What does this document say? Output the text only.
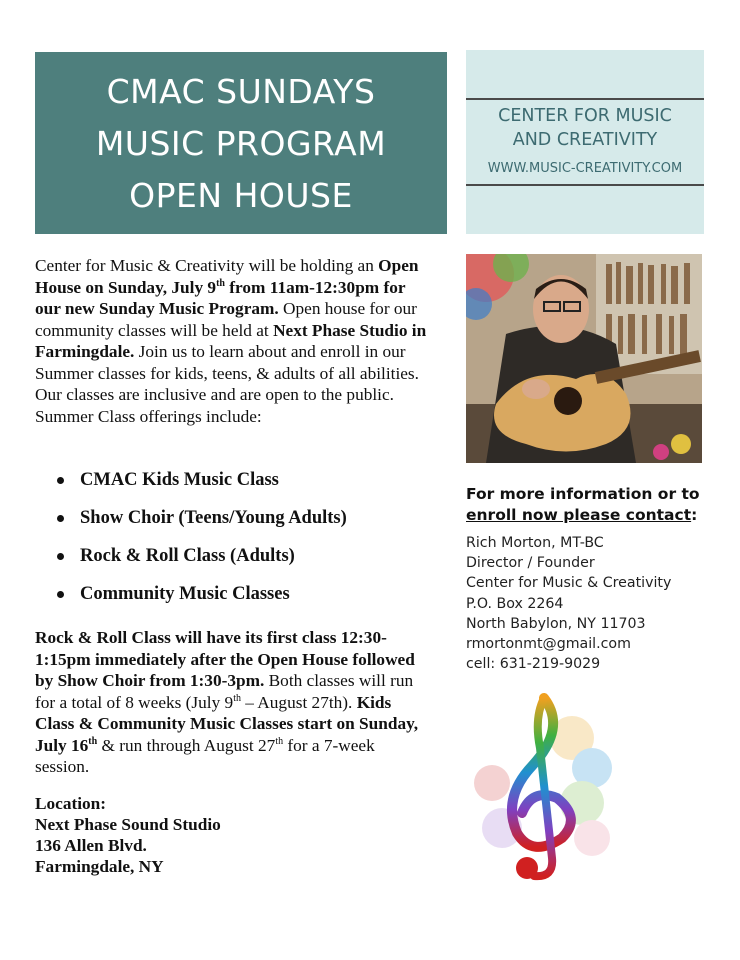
CMAC SUNDAYS
MUSIC PROGRAM
OPEN HOUSE
CENTER FOR MUSIC
AND CREATIVITY
WWW.MUSIC-CREATIVITY.COM
Center for Music & Creativity will be holding an Open House on Sunday, July 9th from 11am-12:30pm for our new Sunday Music Program. Open house for our community classes will be held at Next Phase Studio in Farmingdale. Join us to learn about and enroll in our Summer classes for kids, teens, & adults of all abilities. Our classes are inclusive and are open to the public. Summer Class offerings include:
CMAC Kids Music Class
Show Choir (Teens/Young Adults)
Rock & Roll Class (Adults)
Community Music Classes
Rock & Roll Class will have its first class 12:30-1:15pm immediately after the Open House followed by Show Choir from 1:30-3pm. Both classes will run for a total of 8 weeks (July 9th – August 27th). Kids Class & Community Music Classes start on Sunday, July 16th & run through August 27th for a 7-week session.
Location:
Next Phase Sound Studio
136 Allen Blvd.
Farmingdale, NY
For more information or to
enroll now please contact:
Rich Morton, MT-BC
Director / Founder
Center for Music & Creativity
P.O. Box 2264
North Babylon, NY 11703
rmortonmt@gmail.com
cell: 631-219-9029
